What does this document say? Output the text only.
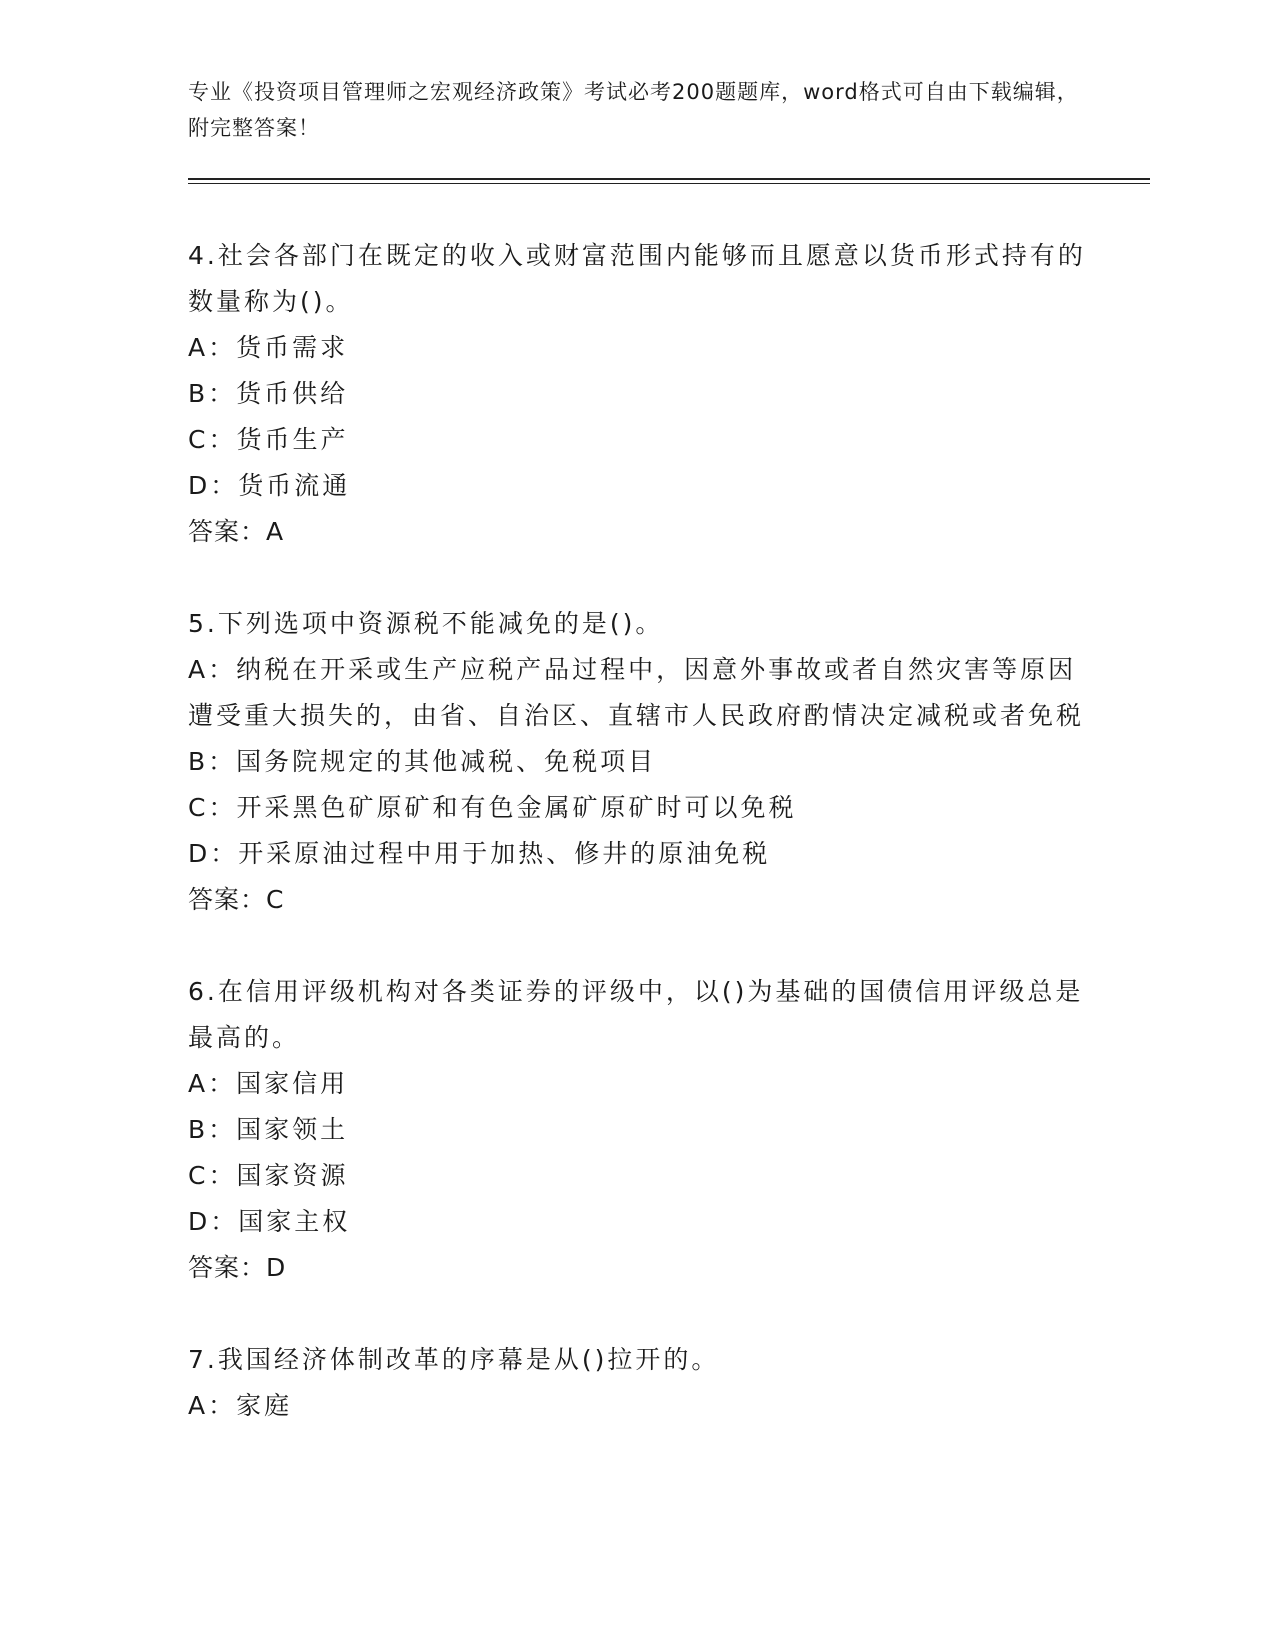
专业《投资项目管理师之宏观经济政策》考试必考200题题库，word格式可自由下载编辑，附完整答案！

4.社会各部门在既定的收入或财富范围内能够而且愿意以货币形式持有的数量称为()。

A：货币需求

B：货币供给

C：货币生产

D：货币流通

答案：A

5.下列选项中资源税不能减免的是()。

A：纳税在开采或生产应税产品过程中，因意外事故或者自然灾害等原因遭受重大损失的，由省、自治区、直辖市人民政府酌情决定减税或者免税

B：国务院规定的其他减税、免税项目

C：开采黑色矿原矿和有色金属矿原矿时可以免税

D：开采原油过程中用于加热、修井的原油免税

答案：C

6.在信用评级机构对各类证券的评级中，以()为基础的国债信用评级总是最高的。

A：国家信用

B：国家领土

C：国家资源

D：国家主权

答案：D

7.我国经济体制改革的序幕是从()拉开的。

A：家庭
